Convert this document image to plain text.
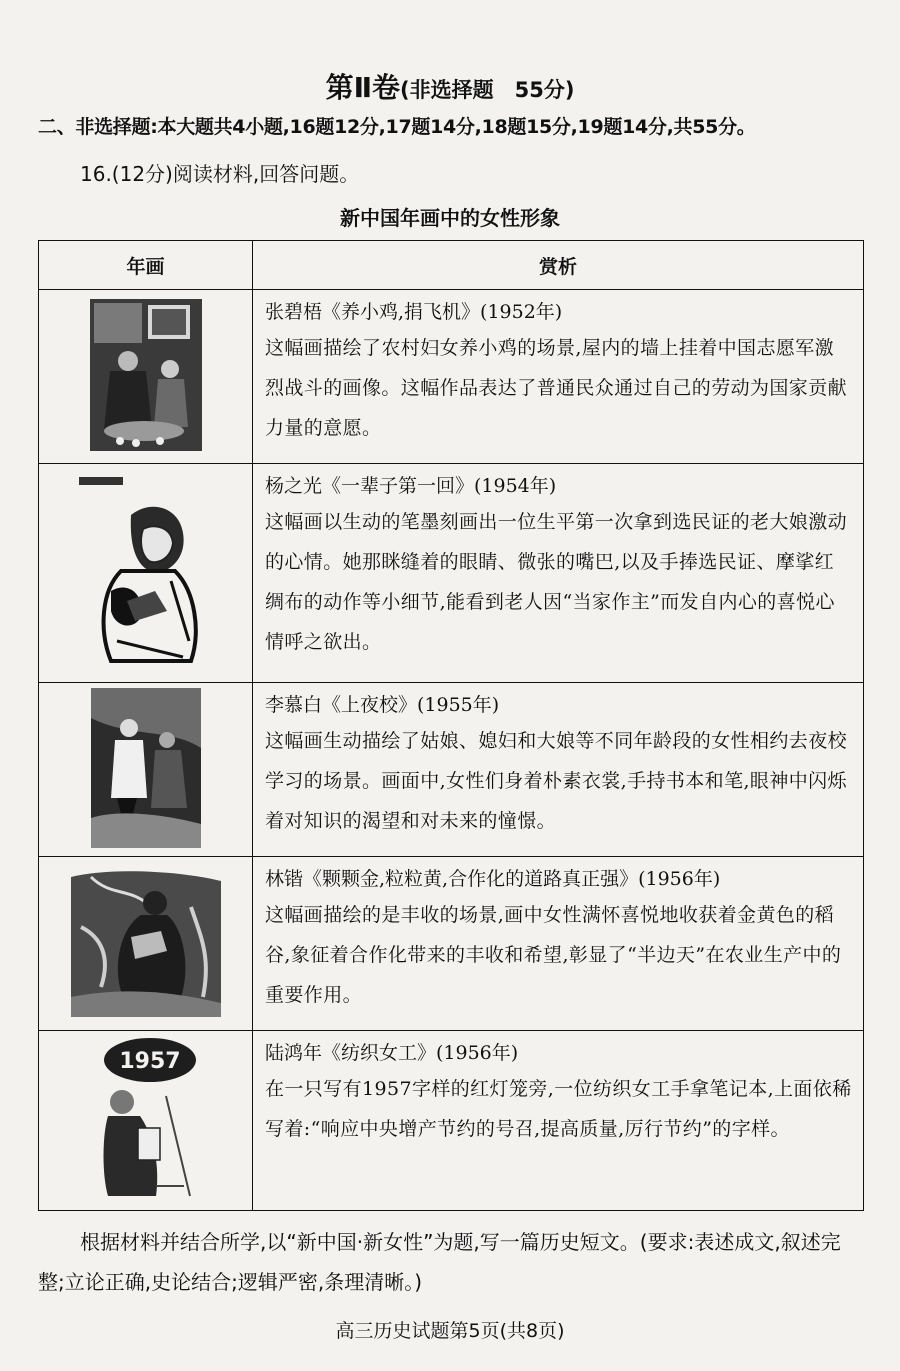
第Ⅱ卷(非选择题　55分)
二、非选择题:本大题共4小题,16题12分,17题14分,18题15分,19题14分,共55分。
16.(12分)阅读材料,回答问题。
新中国年画中的女性形象
年画	赏析

张碧梧《养小鸡,捐飞机》(1952年)
这幅画描绘了农村妇女养小鸡的场景,屋内的墙上挂着中国志愿军激烈战斗的画像。这幅作品表达了普通民众通过自己的劳动为国家贡献力量的意愿。

杨之光《一辈子第一回》(1954年)
这幅画以生动的笔墨刻画出一位生平第一次拿到选民证的老大娘激动的心情。她那眯缝着的眼睛、微张的嘴巴,以及手捧选民证、摩挲红绸布的动作等小细节,能看到老人因“当家作主”而发自内心的喜悦心情呼之欲出。

李慕白《上夜校》(1955年)
这幅画生动描绘了姑娘、媳妇和大娘等不同年龄段的女性相约去夜校学习的场景。画面中,女性们身着朴素衣裳,手持书本和笔,眼神中闪烁着对知识的渴望和对未来的憧憬。

林锴《颗颗金,粒粒黄,合作化的道路真正强》(1956年)
这幅画描绘的是丰收的场景,画中女性满怀喜悦地收获着金黄色的稻谷,象征着合作化带来的丰收和希望,彰显了“半边天”在农业生产中的重要作用。

1957	陆鸿年《纺织女工》(1956年)
在一只写有1957字样的红灯笼旁,一位纺织女工手拿笔记本,上面依稀写着:“响应中央增产节约的号召,提高质量,厉行节约”的字样。
根据材料并结合所学,以“新中国·新女性”为题,写一篇历史短文。(要求:表述成文,叙述完整;立论正确,史论结合;逻辑严密,条理清晰。)
高三历史试题第5页(共8页)
